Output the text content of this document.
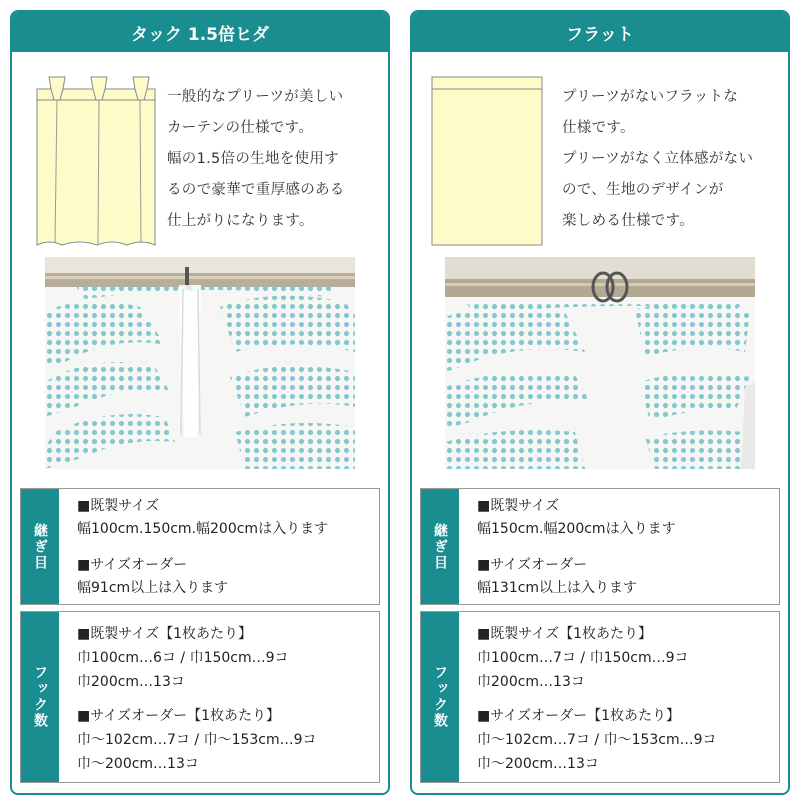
タック 1.5倍ヒダ
一般的なプリーツが美しい
カーテンの仕様です。
幅の1.5倍の生地を使用す
るので豪華で重厚感のある
仕上がりになります。
継ぎ目
■既製サイズ
幅100cm.150cm.幅200cmは入ります
■サイズオーダー
幅91cm以上は入ります
フック数
■既製サイズ【1枚あたり】
巾100cm…6コ / 巾150cm…9コ
巾200cm…13コ
■サイズオーダー【1枚あたり】
巾～102cm…7コ / 巾～153cm…9コ
巾～200cm…13コ
フラット
プリーツがないフラットな
仕様です。
プリーツがなく立体感がない
ので、生地のデザインが
楽しめる仕様です。
継ぎ目
■既製サイズ
幅150cm.幅200cmは入ります
■サイズオーダー
幅131cm以上は入ります
フック数
■既製サイズ【1枚あたり】
巾100cm…7コ / 巾150cm…9コ
巾200cm…13コ
■サイズオーダー【1枚あたり】
巾～102cm…7コ / 巾～153cm…9コ
巾～200cm…13コ
